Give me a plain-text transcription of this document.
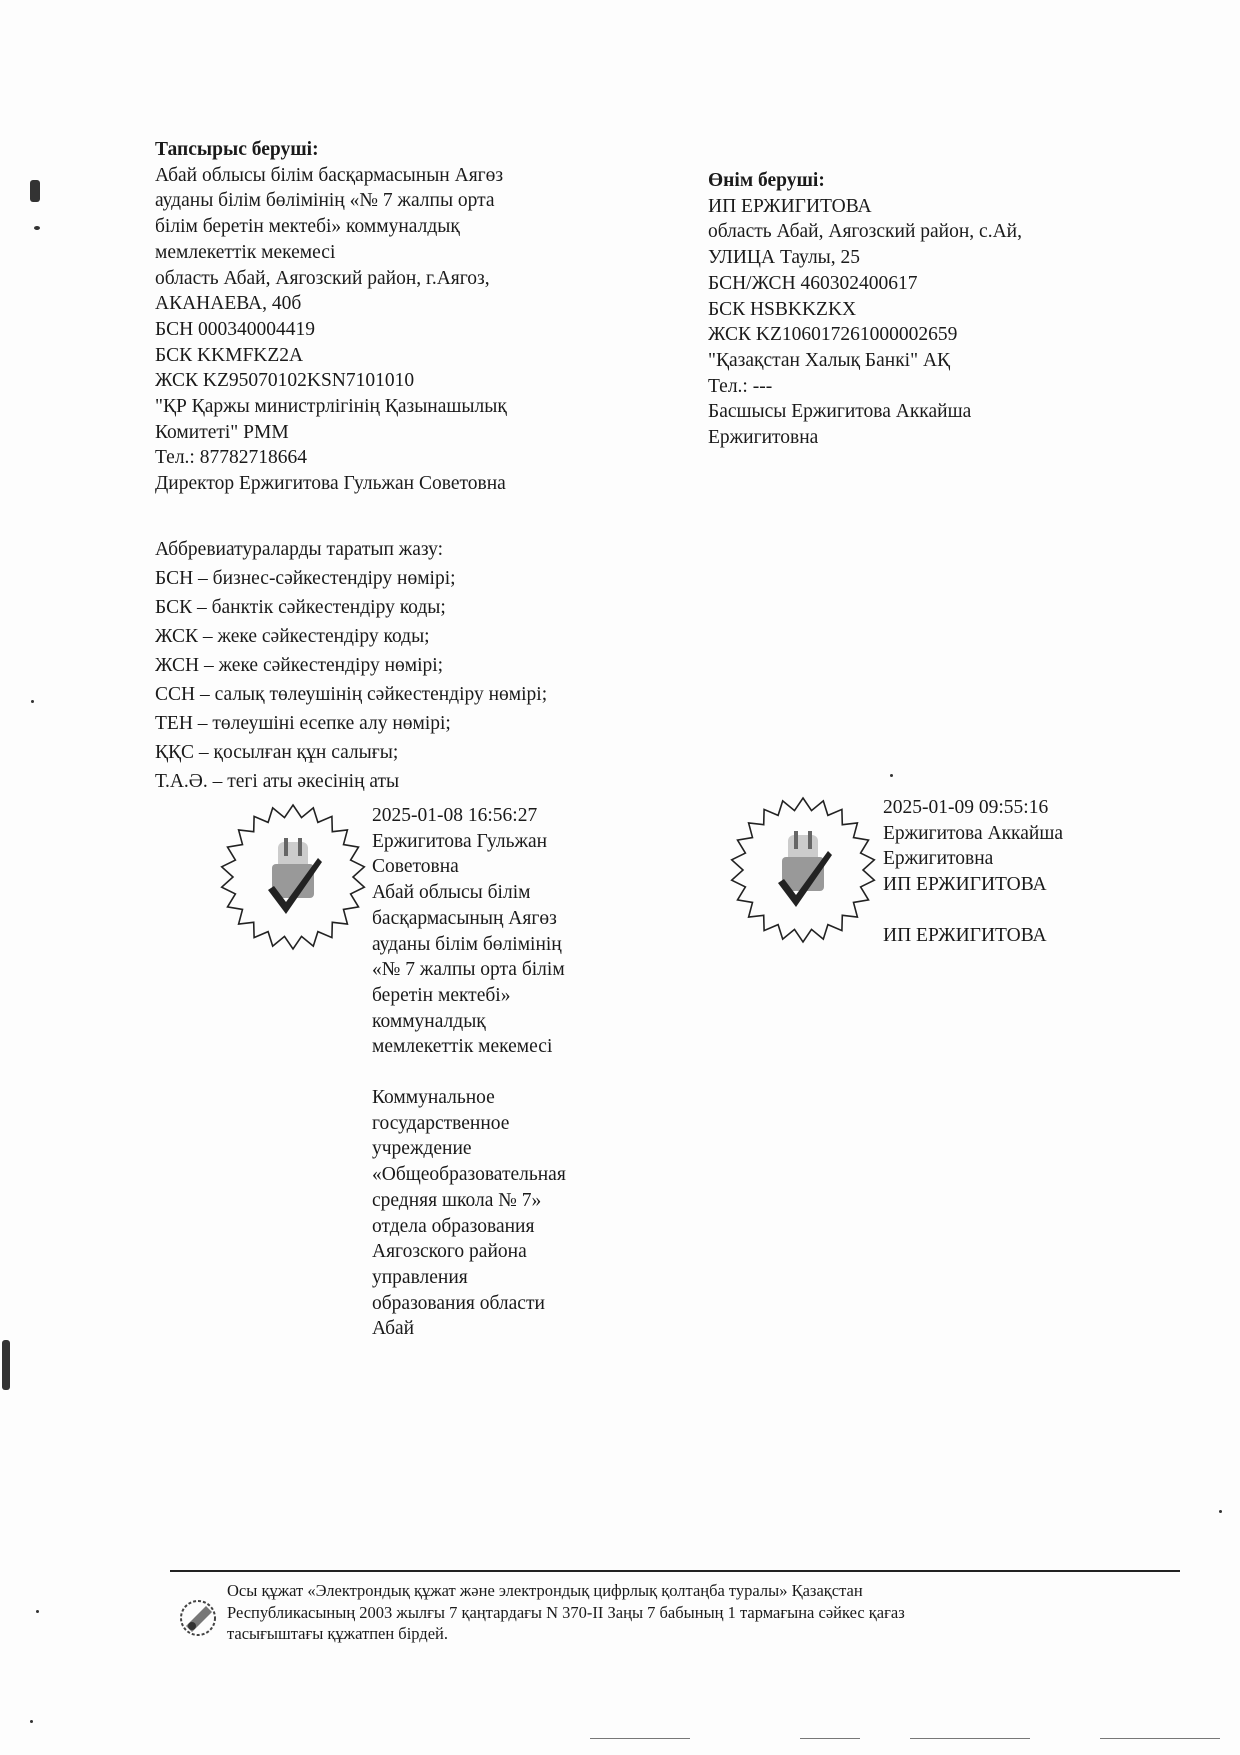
Тапсырыс беруші:
Абай облысы білім басқармасынын Аягөз
ауданы білім бөлімінің «№ 7 жалпы орта
білім беретін мектебі» коммуналдық
мемлекеттік мекемесі
область Абай, Аягозский район, г.Аягоз,
АКАНАЕВА, 40б
БСН 000340004419
БСК KKMFKZ2A
ЖСК KZ95070102KSN7101010
"ҚР Қаржы министрлігінің Қазынашылық
Комитеті" РММ
Тел.: 87782718664
Директор Ержигитова Гульжан Советовна
Өнім беруші:
ИП ЕРЖИГИТОВА
область Абай, Аягозский район, с.Ай,
УЛИЦА Таулы, 25
БСН/ЖСН 460302400617
БСК HSBKKZKX
ЖСК KZ106017261000002659
"Қазақстан Халық Банкі" АҚ
Тел.: ---
Басшысы Ержигитова Аккайша
Ержигитовна
Аббревиатураларды таратып жазу:
БСН – бизнес-сәйкестендіру нөмірі;
БСК – банктік сәйкестендіру коды;
ЖСК – жеке сәйкестендіру коды;
ЖСН – жеке сәйкестендіру нөмірі;
ССН – салық төлеушінің сәйкестендіру нөмірі;
ТЕН – төлеушіні есепке алу нөмірі;
ҚҚС – қосылған құн салығы;
Т.А.Ә. – тегі аты әкесінің аты
2025-01-08 16:56:27
Ержигитова Гульжан
Советовна
Абай облысы білім
басқармасының Аягөз
ауданы білім бөлімінің
«№ 7 жалпы орта білім
беретін мектебі»
коммуналдық
мемлекеттік мекемесі
Коммунальное
государственное
учреждение
«Общеобразовательная
средняя школа № 7»
отдела образования
Аягозского района
управления
образования области
Абай
2025-01-09 09:55:16
Ержигитова Аккайша
Ержигитовна
ИП ЕРЖИГИТОВА
ИП ЕРЖИГИТОВА
Осы құжат «Электрондық құжат және электрондық цифрлық қолтаңба туралы» Қазақстан
Республикасының 2003 жылғы 7 қаңтардағы N 370-II Заңы 7 бабының 1 тармағына сәйкес қағаз
тасығыштағы құжатпен бірдей.
